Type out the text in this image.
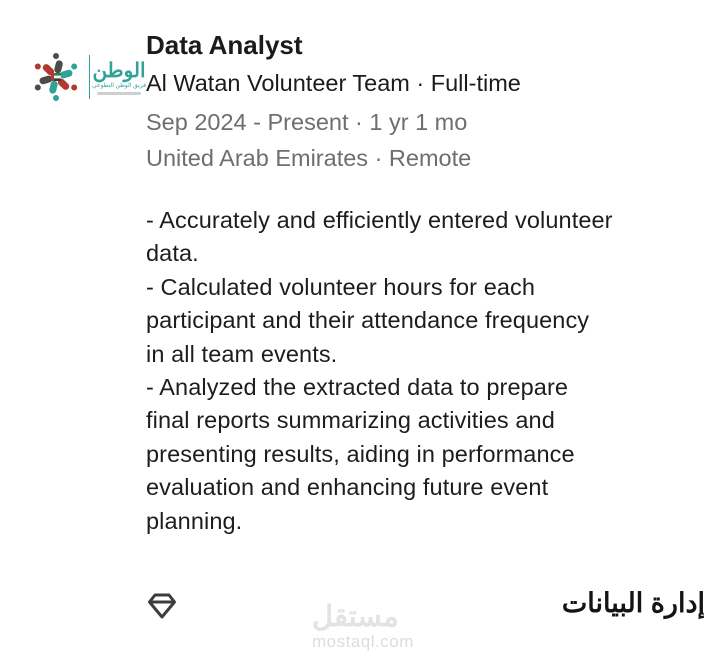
الوطن
فريق الوطن التطوعي
Data Analyst
Al Watan Volunteer Team · Full-time
Sep 2024 - Present · 1 yr 1 mo
United Arab Emirates · Remote
- Accurately and efficiently entered volunteer
data.
- Calculated volunteer hours for each
participant and their attendance frequency
in all team events.
- Analyzed the extracted data to prepare
final reports summarizing activities and
presenting results, aiding in performance
evaluation and enhancing future event
planning.
إدارة البيانات
مستقل
mostaql.com
